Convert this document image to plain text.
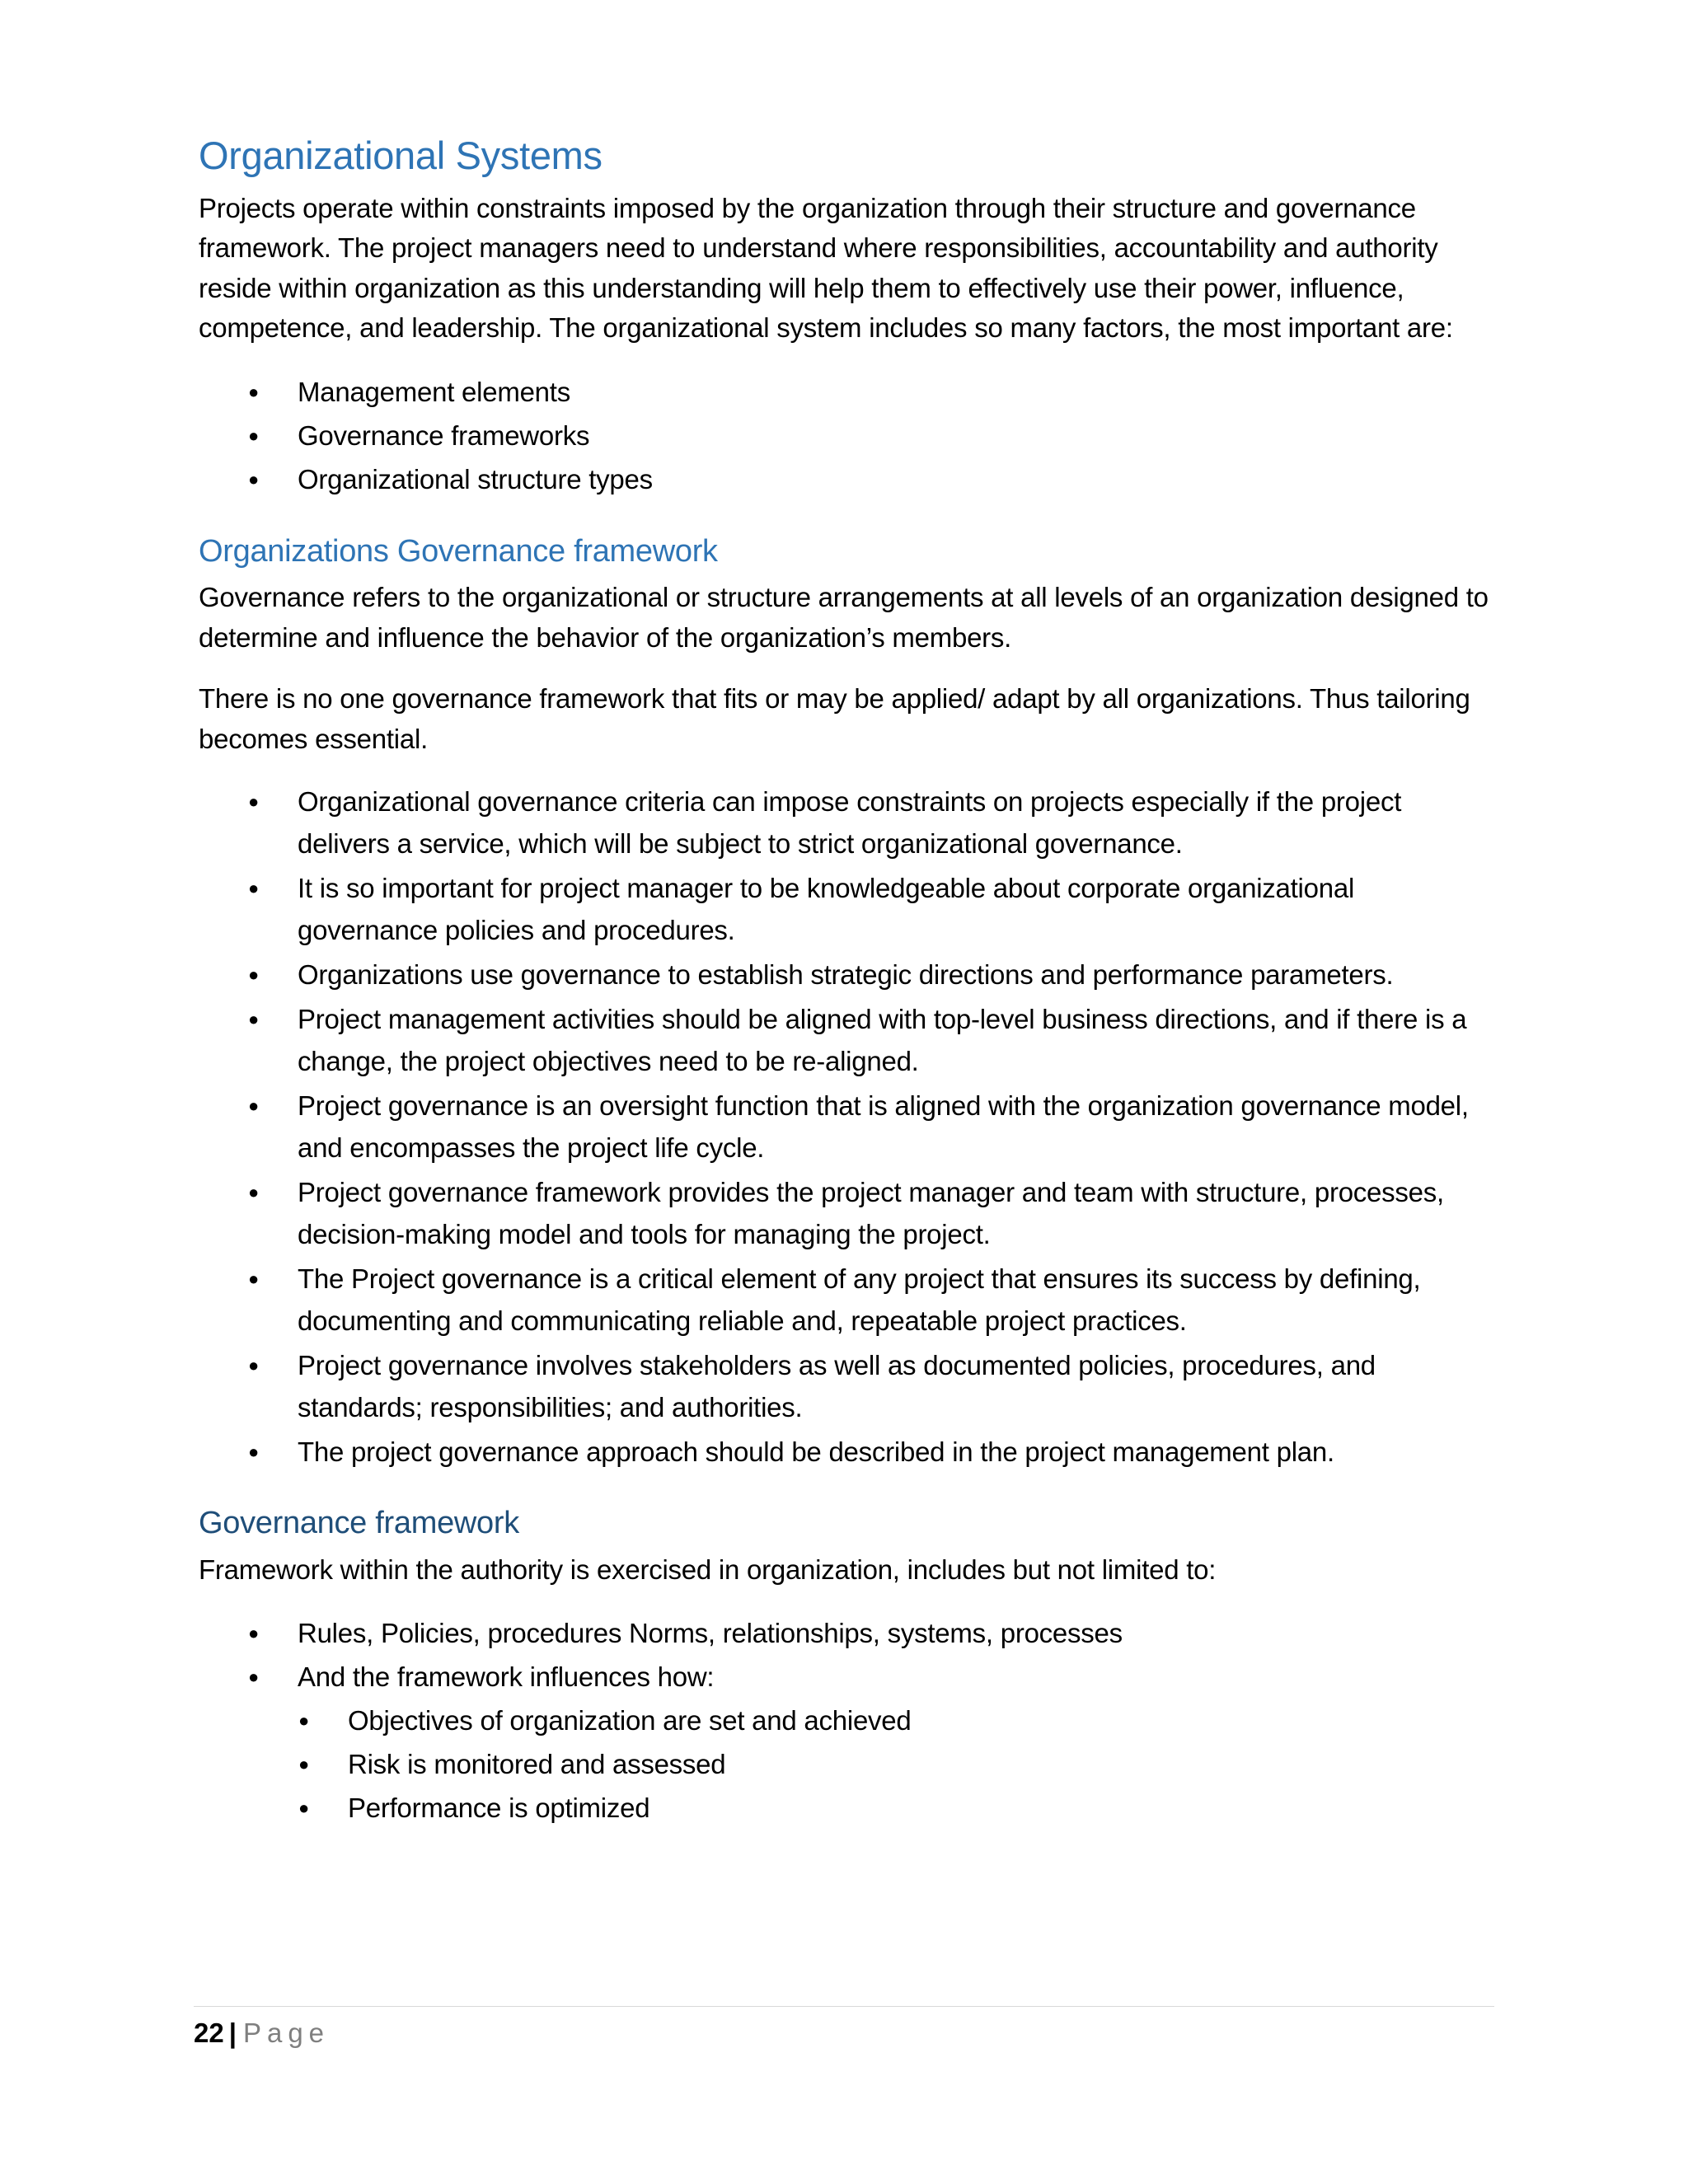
Organizational Systems

Projects operate within constraints imposed by the organization through their structure and governance framework. The project managers need to understand where responsibilities, accountability and authority reside within organization as this understanding will help them to effectively use their power, influence, competence, and leadership. The organizational system includes so many factors, the most important are:

● Management elements
● Governance frameworks
● Organizational structure types
Organizations Governance framework

Governance refers to the organizational or structure arrangements at all levels of an organization designed to determine and influence the behavior of the organization’s members.

There is no one governance framework that fits or may be applied/ adapt by all organizations. Thus tailoring becomes essential.

● Organizational governance criteria can impose constraints on projects especially if the project delivers a service, which will be subject to strict organizational governance.
● It is so important for project manager to be knowledgeable about corporate organizational governance policies and procedures.
● Organizations use governance to establish strategic directions and performance parameters.
● Project management activities should be aligned with top-level business directions, and if there is a change, the project objectives need to be re-aligned.
● Project governance is an oversight function that is aligned with the organization governance model, and encompasses the project life cycle.
● Project governance framework provides the project manager and team with structure, processes, decision-making model and tools for managing the project.
● The Project governance is a critical element of any project that ensures its success by defining, documenting and communicating reliable and, repeatable project practices.
● Project governance involves stakeholders as well as documented policies, procedures, and standards; responsibilities; and authorities.
● The project governance approach should be described in the project management plan.
Governance framework

Framework within the authority is exercised in organization, includes but not limited to:

● Rules, Policies, procedures Norms, relationships, systems, processes
● And the framework influences how:
● Objectives of organization are set and achieved
● Risk is monitored and assessed
● Performance is optimized
22 | Page
